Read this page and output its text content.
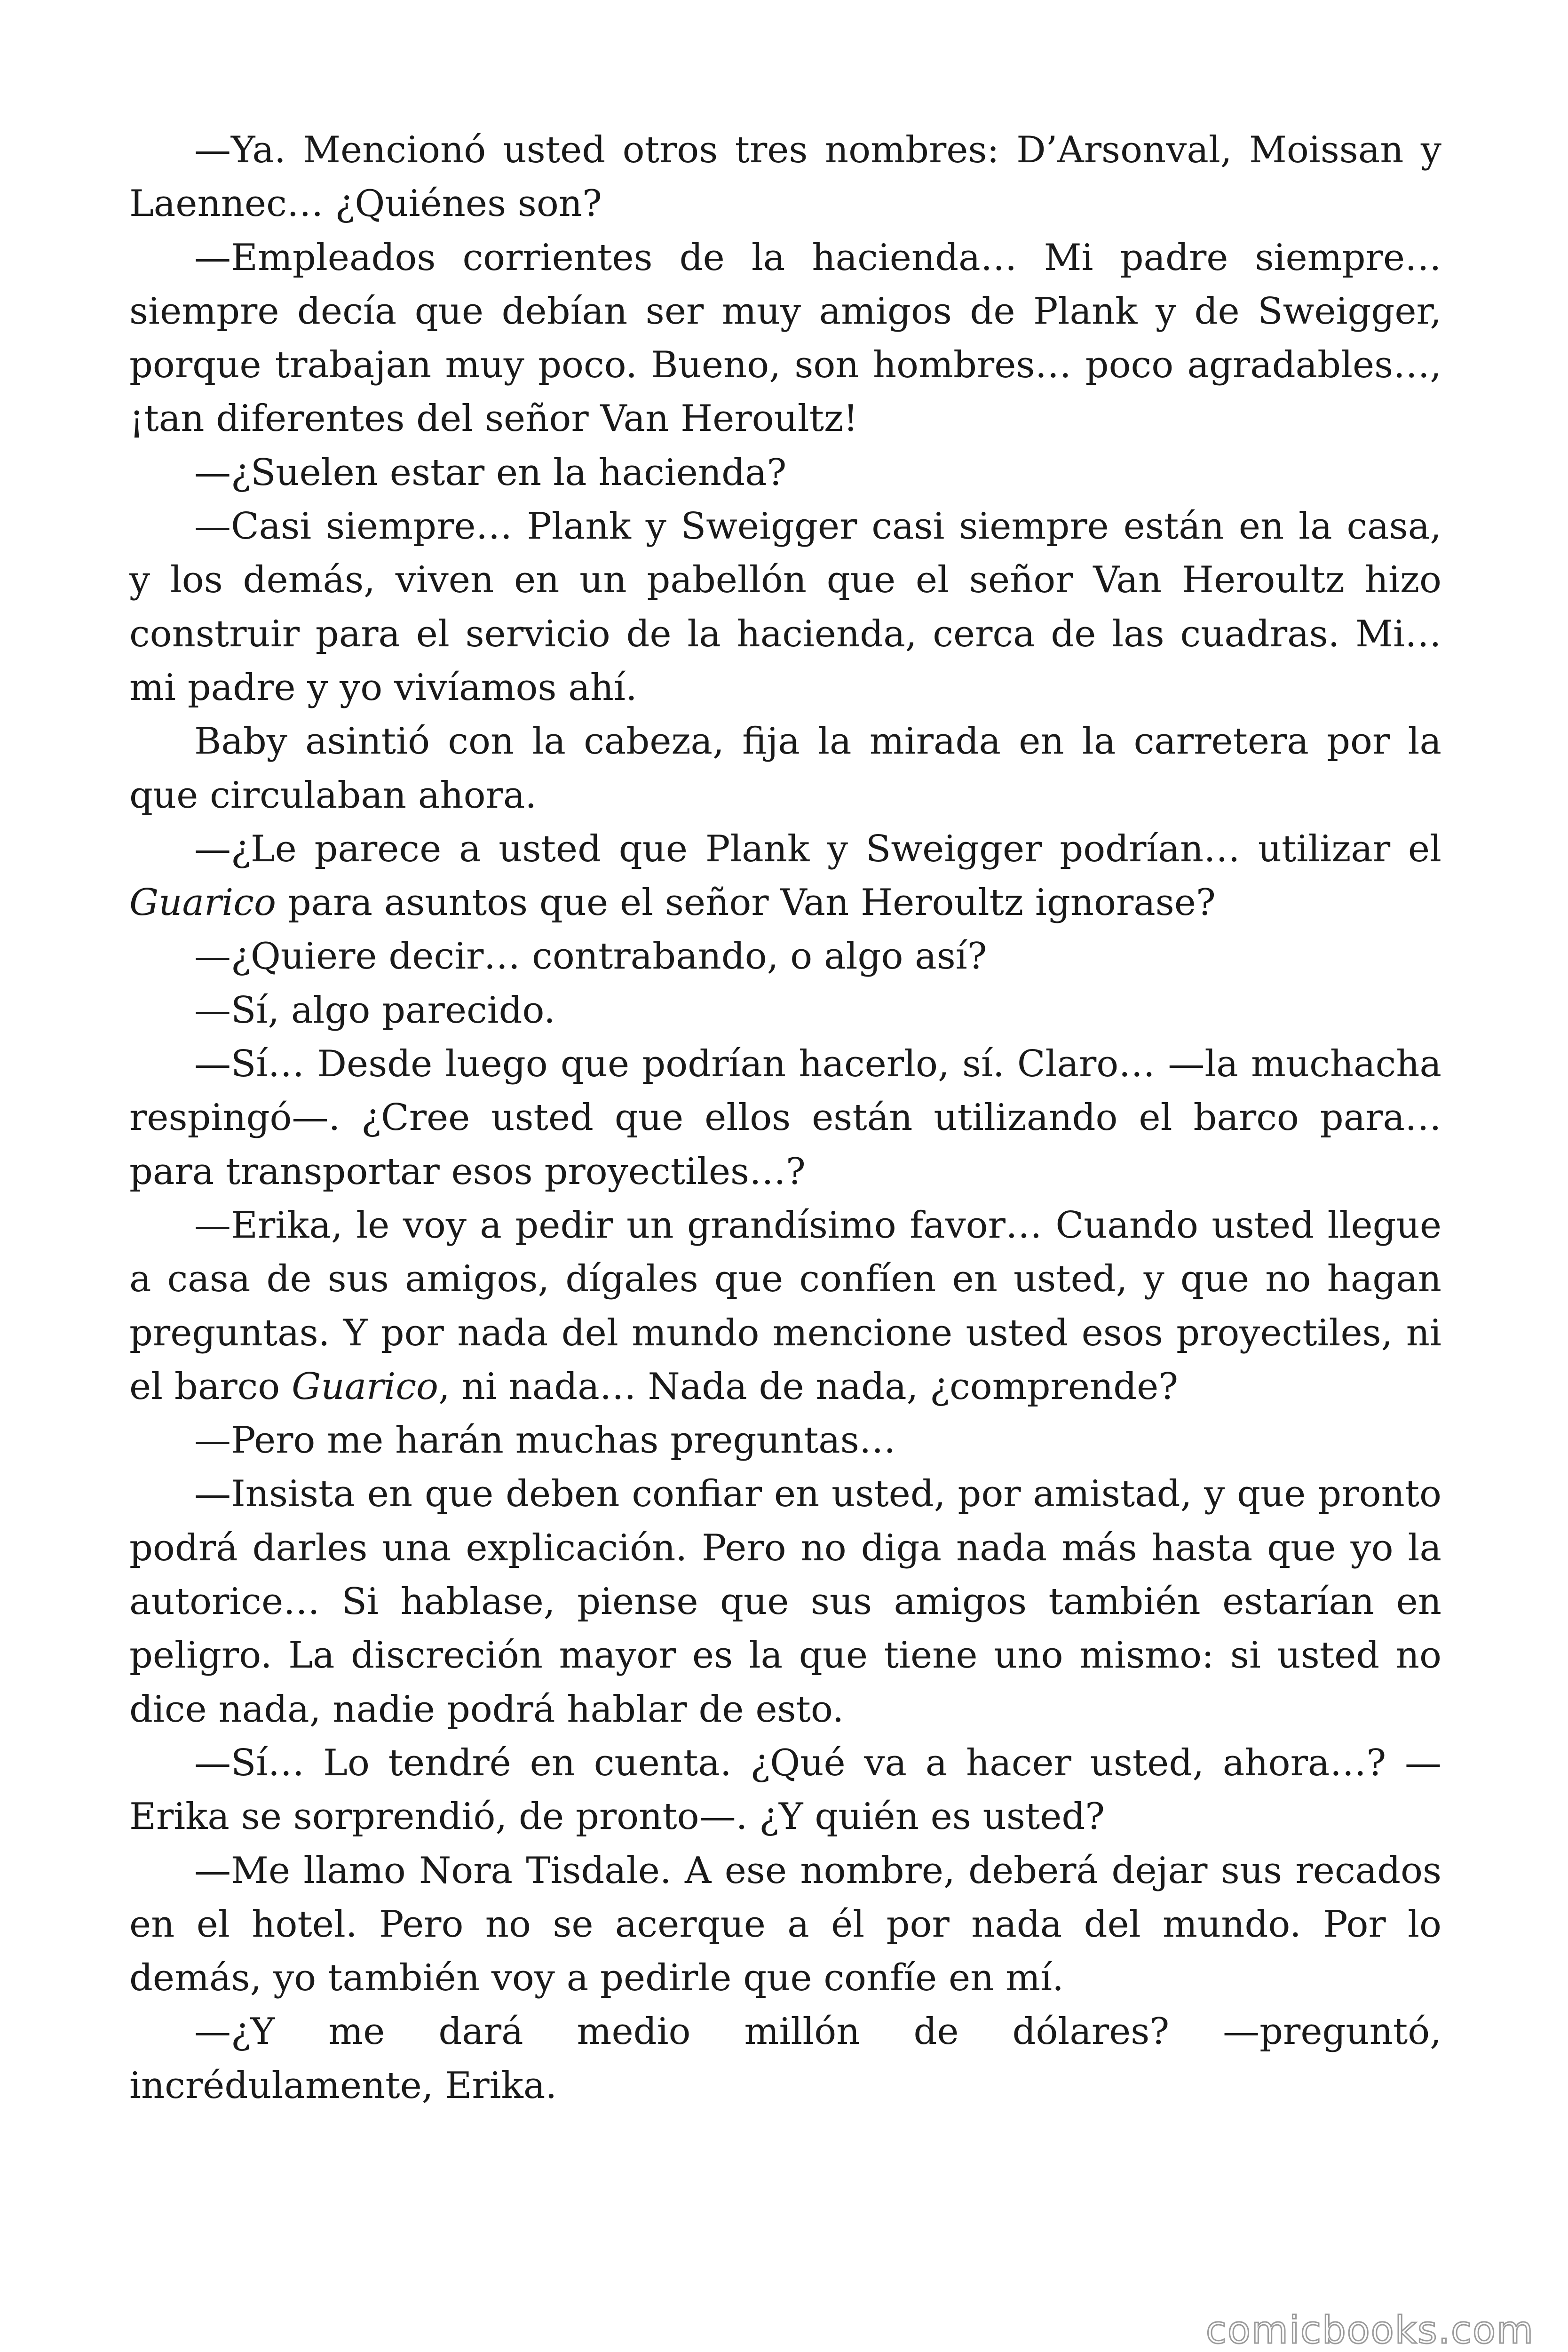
—Ya. Mencionó usted otros tres nombres: D’Arsonval, Moissan y Laennec… ¿Quiénes son?

—Empleados corrientes de la hacienda… Mi padre siempre… siempre decía que debían ser muy amigos de Plank y de Sweigger, porque trabajan muy poco. Bueno, son hombres… poco agradables…, ¡tan diferentes del señor Van Heroultz!

—¿Suelen estar en la hacienda?

—Casi siempre… Plank y Sweigger casi siempre están en la casa, y los demás, viven en un pabellón que el señor Van Heroultz hizo construir para el servicio de la hacienda, cerca de las cuadras. Mi… mi padre y yo vivíamos ahí.

Baby asintió con la cabeza, fija la mirada en la carretera por la que circulaban ahora.

—¿Le parece a usted que Plank y Sweigger podrían… utilizar el Guarico para asuntos que el señor Van Heroultz ignorase?

—¿Quiere decir… contrabando, o algo así?

—Sí, algo parecido.

—Sí… Desde luego que podrían hacerlo, sí. Claro… —la muchacha respingó—. ¿Cree usted que ellos están utilizando el barco para… para transportar esos proyectiles…?

—Erika, le voy a pedir un grandísimo favor… Cuando usted llegue a casa de sus amigos, dígales que confíen en usted, y que no hagan preguntas. Y por nada del mundo mencione usted esos proyectiles, ni el barco Guarico, ni nada… Nada de nada, ¿comprende?

—Pero me harán muchas preguntas…

—Insista en que deben confiar en usted, por amistad, y que pronto podrá darles una explicación. Pero no diga nada más hasta que yo la autorice… Si hablase, piense que sus amigos también estarían en peligro. La discreción mayor es la que tiene uno mismo: si usted no dice nada, nadie podrá hablar de esto.

—Sí… Lo tendré en cuenta. ¿Qué va a hacer usted, ahora…? —Erika se sorprendió, de pronto—. ¿Y quién es usted?

—Me llamo Nora Tisdale. A ese nombre, deberá dejar sus recados en el hotel. Pero no se acerque a él por nada del mundo. Por lo demás, yo también voy a pedirle que confíe en mí.

—¿Y me dará medio millón de dólares? —preguntó, incrédulamente, Erika.

comicbooks.com
